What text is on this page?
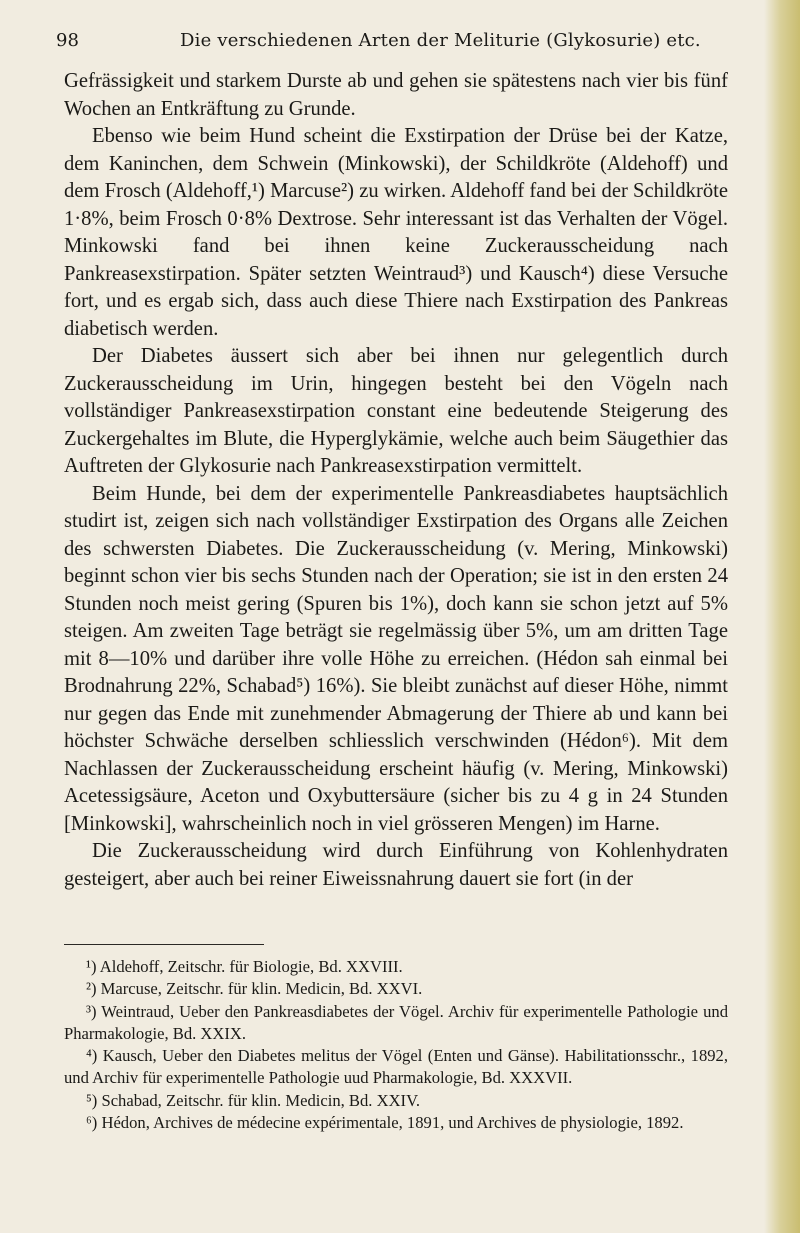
98	Die verschiedenen Arten der Meliturie (Glykosurie) etc.

Gefrässigkeit und starkem Durste ab und gehen sie spätestens nach vier bis fünf Wochen an Entkräftung zu Grunde.

Ebenso wie beim Hund scheint die Exstirpation der Drüse bei der Katze, dem Kaninchen, dem Schwein (Minkowski), der Schildkröte (Aldehoff) und dem Frosch (Aldehoff,¹) Marcuse²) zu wirken. Aldehoff fand bei der Schildkröte 1·8%, beim Frosch 0·8% Dextrose. Sehr interessant ist das Verhalten der Vögel. Minkowski fand bei ihnen keine Zuckerausscheidung nach Pankreasexstirpation. Später setzten Weintraud³) und Kausch⁴) diese Versuche fort, und es ergab sich, dass auch diese Thiere nach Exstirpation des Pankreas diabetisch werden.

Der Diabetes äussert sich aber bei ihnen nur gelegentlich durch Zuckerausscheidung im Urin, hingegen besteht bei den Vögeln nach vollständiger Pankreasexstirpation constant eine bedeutende Steigerung des Zuckergehaltes im Blute, die Hyperglykämie, welche auch beim Säugethier das Auftreten der Glykosurie nach Pankreasexstirpation vermittelt.

Beim Hunde, bei dem der experimentelle Pankreasdiabetes hauptsächlich studirt ist, zeigen sich nach vollständiger Exstirpation des Organs alle Zeichen des schwersten Diabetes. Die Zuckerausscheidung (v. Mering, Minkowski) beginnt schon vier bis sechs Stunden nach der Operation; sie ist in den ersten 24 Stunden noch meist gering (Spuren bis 1%), doch kann sie schon jetzt auf 5% steigen. Am zweiten Tage beträgt sie regelmässig über 5%, um am dritten Tage mit 8—10% und darüber ihre volle Höhe zu erreichen. (Hédon sah einmal bei Brodnahrung 22%, Schabad⁵) 16%). Sie bleibt zunächst auf dieser Höhe, nimmt nur gegen das Ende mit zunehmender Abmagerung der Thiere ab und kann bei höchster Schwäche derselben schliesslich verschwinden (Hédon⁶). Mit dem Nachlassen der Zuckerausscheidung erscheint häufig (v. Mering, Minkowski) Acetessigsäure, Aceton und Oxybuttersäure (sicher bis zu 4 g in 24 Stunden [Minkowski], wahrscheinlich noch in viel grösseren Mengen) im Harne.

Die Zuckerausscheidung wird durch Einführung von Kohlenhydraten gesteigert, aber auch bei reiner Eiweissnahrung dauert sie fort (in der

¹) Aldehoff, Zeitschr. für Biologie, Bd. XXVIII.

²) Marcuse, Zeitschr. für klin. Medicin, Bd. XXVI.

³) Weintraud, Ueber den Pankreasdiabetes der Vögel. Archiv für experimentelle Pathologie und Pharmakologie, Bd. XXIX.

⁴) Kausch, Ueber den Diabetes melitus der Vögel (Enten und Gänse). Habilitationsschr., 1892, und Archiv für experimentelle Pathologie uud Pharmakologie, Bd. XXXVII.

⁵) Schabad, Zeitschr. für klin. Medicin, Bd. XXIV.

⁶) Hédon, Archives de médecine expérimentale, 1891, und Archives de physiologie, 1892.
